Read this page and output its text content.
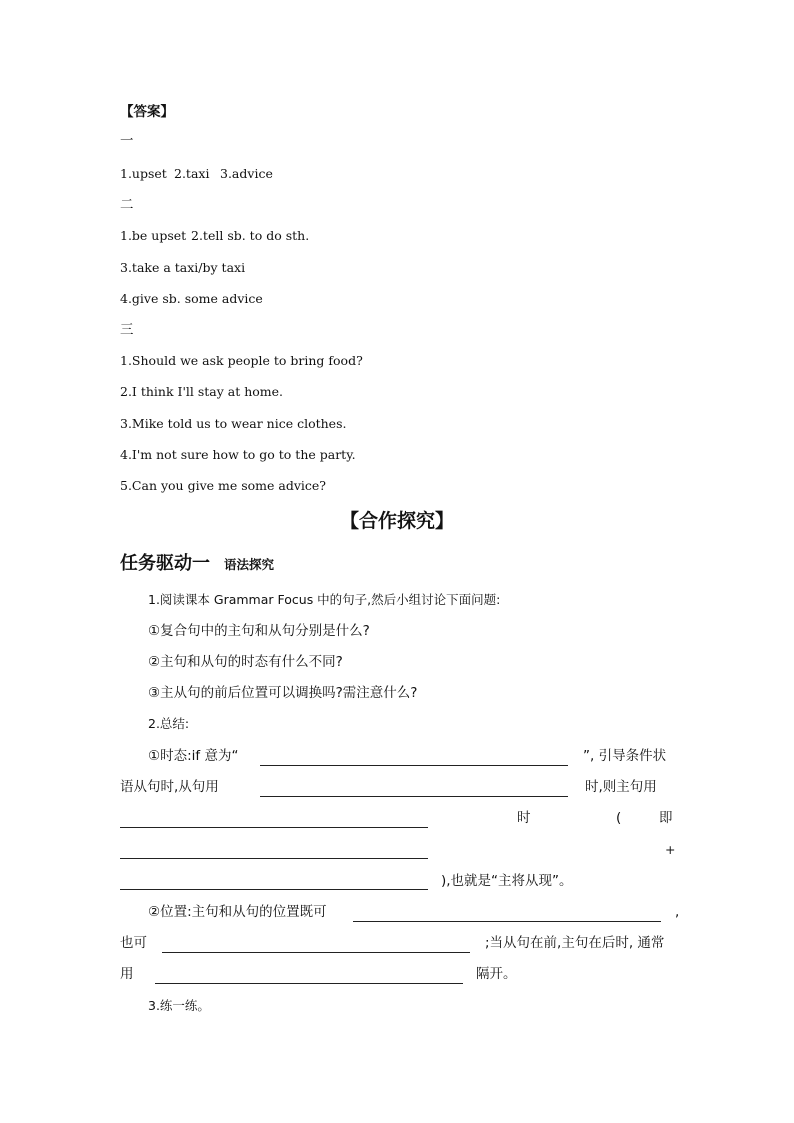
【答案】
一
1.upset 2.taxi 3.advice
二
1.be upset 2.tell sb. to do sth.
3.take a taxi/by taxi
4.give sb. some advice
三
1.Should we ask people to bring food?
2.I think I'll stay at home.
3.Mike told us to wear nice clothes.
4.I'm not sure how to go to the party.
5.Can you give me some advice?
【合作探究】
任务驱动一 语法探究
1.阅读课本 Grammar Focus 中的句子,然后小组讨论下面问题:
①复合句中的主句和从句分别是什么?
②主句和从句的时态有什么不同?
③主从句的前后位置可以调换吗?需注意什么?
2.总结:
①时态:if 意为“	”, 引导条件状
语从句时,从句用	时,则主句用
时	(	即
+
),也就是“主将从现”。
②位置:主句和从句的位置既可	,
也可	;当从句在前,主句在后时, 通常
用	隔开。
3.练一练。
